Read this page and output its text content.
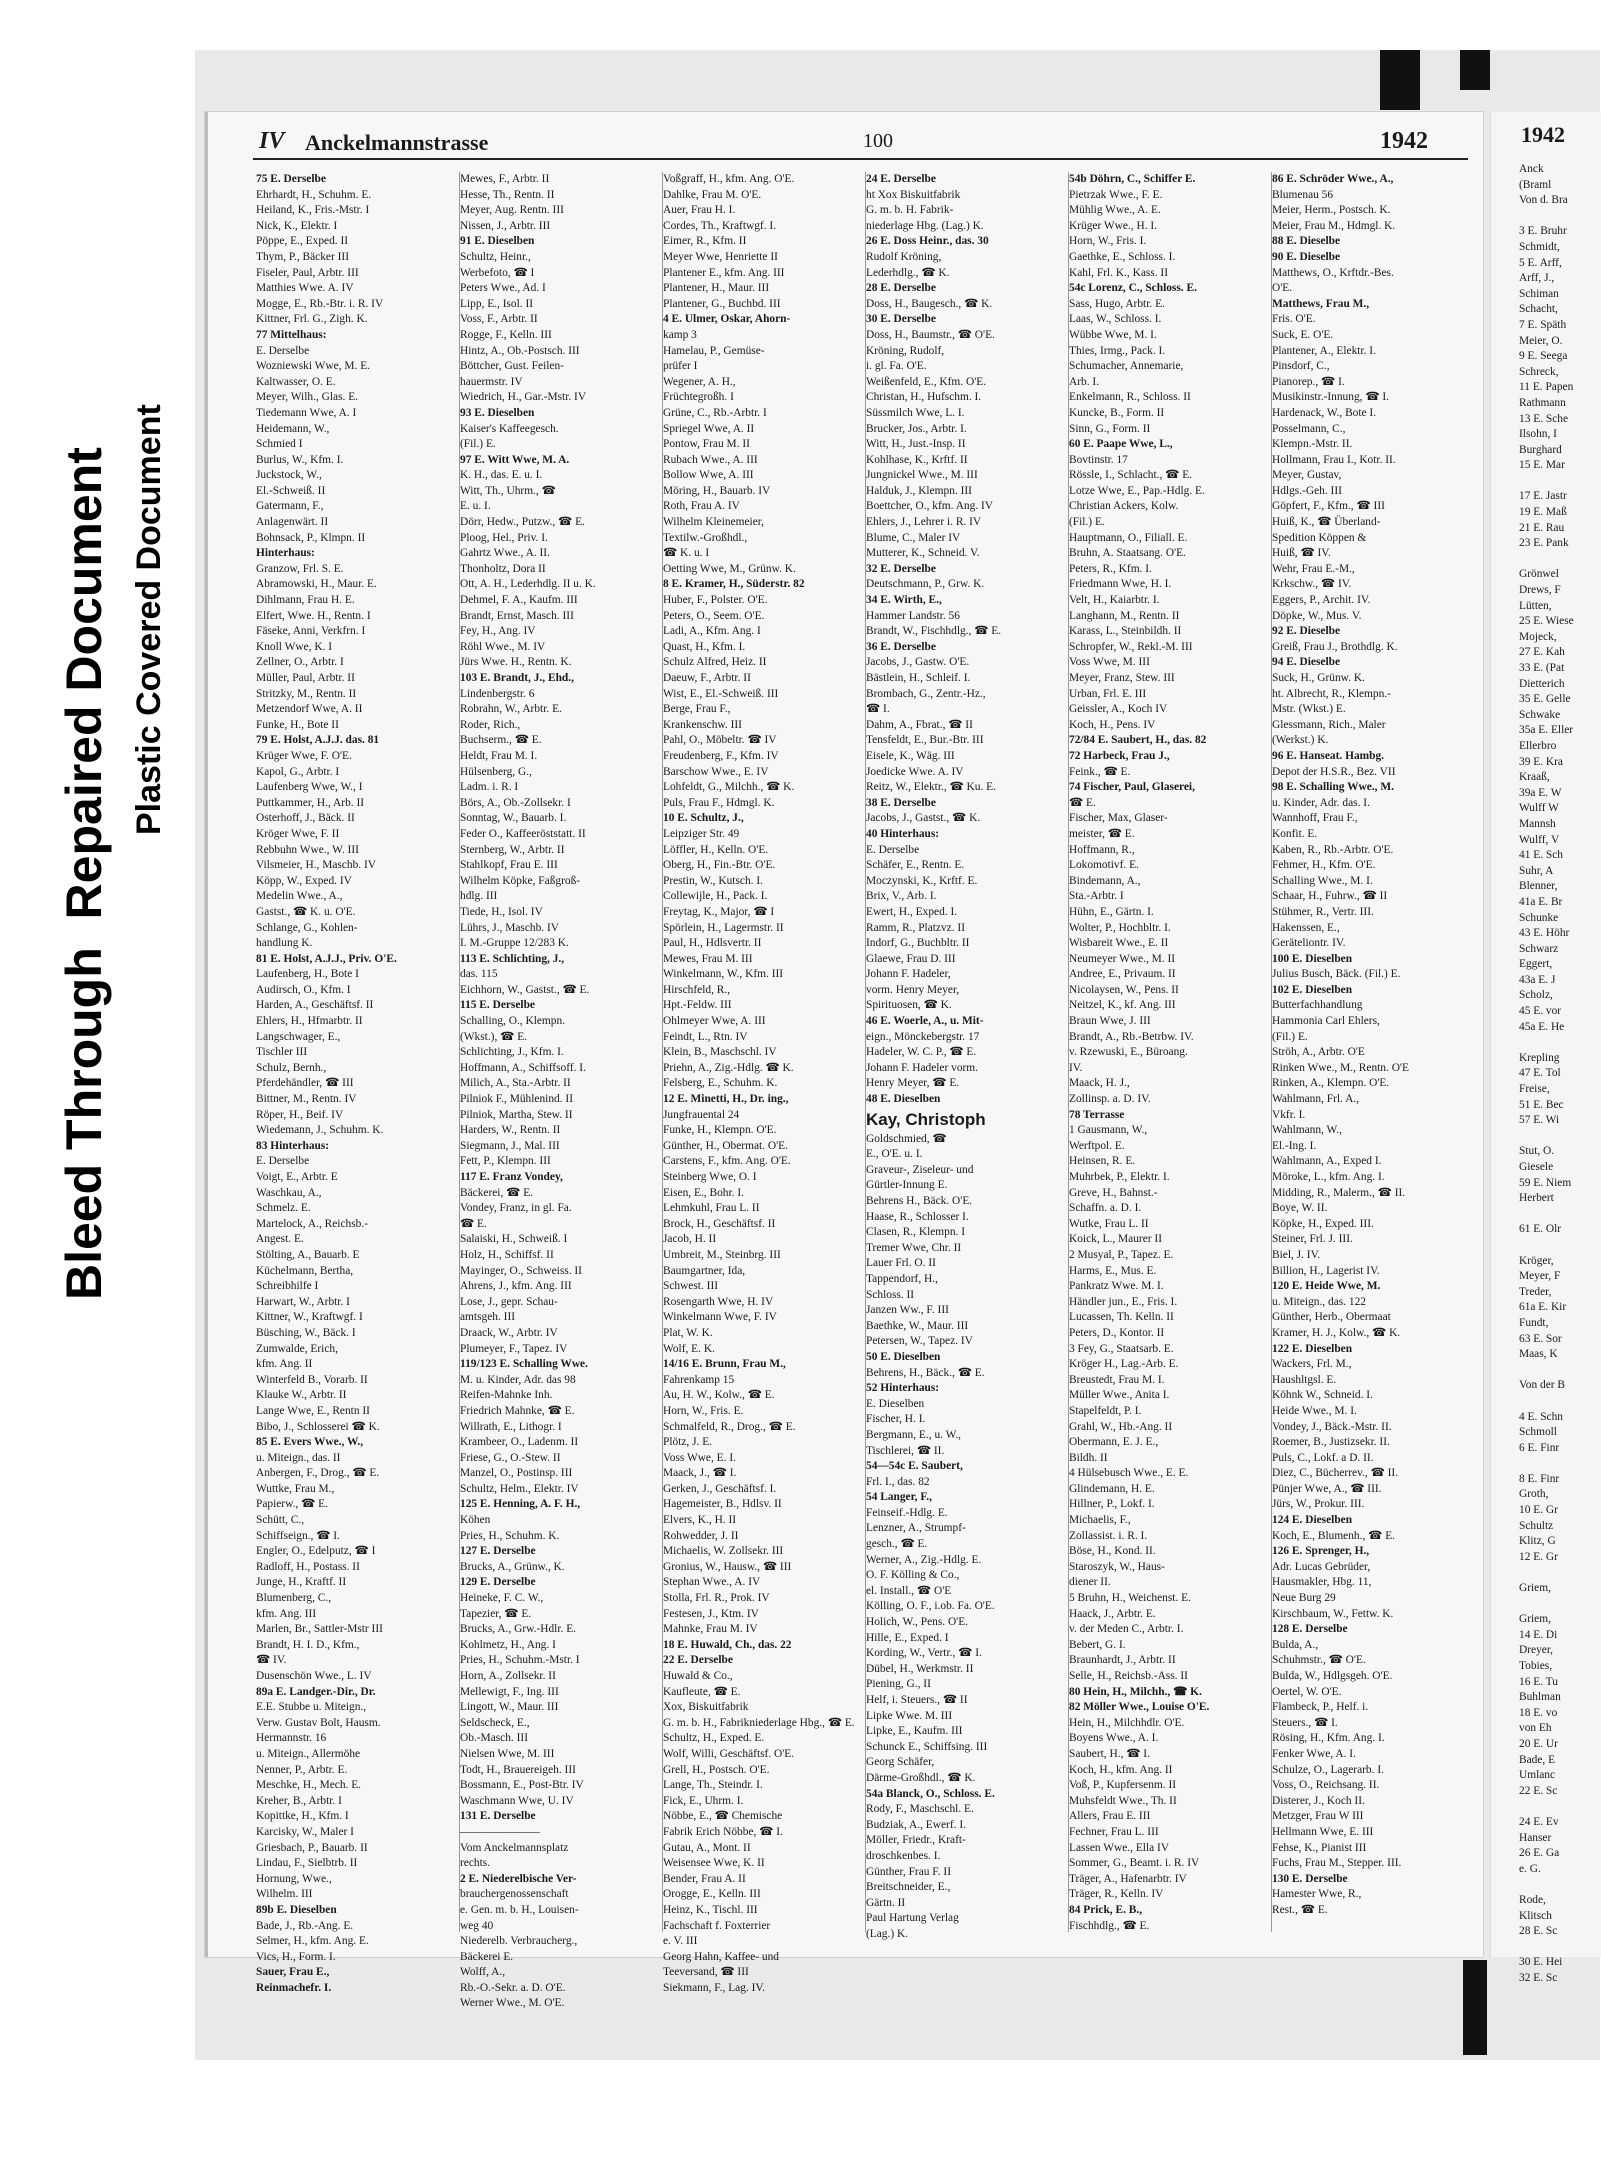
Bleed Through  Repaired Document Plastic Covered Document
IV Anckelmannstrasse	100	1942
75 E. Derselbe
Ehrhardt, H., Schuhm. E.
Heiland, K., Fris.-Mstr. I
Nick, K., Elektr. I
Pöppe, E., Exped. II
Thym, P., Bäcker III
Fiseler, Paul, Arbtr. III
Matthies Wwe. A. IV
Mogge, E., Rb.-Btr. i. R. IV
Kittner, Frl. G., Zigh. K.
77 Mittelhaus:
E. Derselbe
Wozniewski Wwe, M. E.
Kaltwasser, O. E.
Meyer, Wilh., Glas. E.
Tiedemann Wwe, A. I
Heidemann, W.,
Schmied I
Burlus, W., Kfm. I.
Juckstock, W.,
El.-Schweiß. II
Gatermann, F.,
Anlagenwärt. II
Bohnsack, P., Klmpn. II
Hinterhaus:
Granzow, Frl. S. E.
Abramowski, H., Maur. E.
Dihlmann, Frau H. E.
Elfert, Wwe. H., Rentn. I
Fäseke, Anni, Verkfrn. I
Knoll Wwe, K. I
Zellner, O., Arbtr. I
Müller, Paul, Arbtr. II
Stritzky, M., Rentn. II
Metzendorf Wwe, A. II
Funke, H., Bote II
79 E. Holst, A.J.J. das. 81
Krüger Wwe, F. O'E.
Kapol, G., Arbtr. I
Laufenberg Wwe, W., I
Puttkammer, H., Arb. II
Osterhoff, J., Bäck. II
Kröger Wwe, F. II
Rebbuhn Wwe., W. III
Vilsmeier, H., Maschb. IV
Köpp, W., Exped. IV
Medelin Wwe., A.,
Gastst., ☎ K. u. O'E.
Schlange, G., Kohlen-
handlung K.
81 E. Holst, A.J.J., Priv. O'E.
Laufenberg, H., Bote I
Audirsch, O., Kfm. I
Harden, A., Geschäftsf. II
Ehlers, H., Hfmarbtr. II
Langschwager, E.,
Tischler III
Schulz, Bernh.,
Pferdehändler, ☎ III
Bittner, M., Rentn. IV
Röper, H., Beif. IV
Wiedemann, J., Schuhm. K.
83 Hinterhaus:
E. Derselbe
Voigt, E., Arbtr. E
Waschkau, A.,
Schmelz. E.
Martelock, A., Reichsb.-
Angest. E.
Stölting, A., Bauarb. E
Küchelmann, Bertha,
Schreibhilfe I
Harwart, W., Arbtr. I
Kittner, W., Kraftwgf. I
Büsching, W., Bäck. I
Zumwalde, Erich,
kfm. Ang. II
Winterfeld B., Vorarb. II
Klauke W., Arbtr. II
Lange Wwe, E., Rentn II
Bibo, J., Schlosserei ☎ K.
85 E. Evers Wwe., W.,
u. Miteign., das. II
Anbergen, F., Drog., ☎ E.
Wuttke, Frau M.,
Papierw., ☎ E.
Schütt, C.,
Schiffseign., ☎ I.
Engler, O., Edelputz, ☎ I
Radloff, H., Postass. II
Junge, H., Kraftf. II
Blumenberg, C.,
kfm. Ang. III
Marlen, Br., Sattler-Mstr III
Brandt, H. I. D., Kfm.,
☎ IV.
Dusenschön Wwe., L. IV
89a E. Landger.-Dir., Dr.
E.E. Stubbe u. Miteign.,
Verw. Gustav Bolt, Hausm.
Hermannstr. 16
u. Miteign., Allermöhe
Nenner, P., Arbtr. E.
Meschke, H., Mech. E.
Kreher, B., Arbtr. I
Kopittke, H., Kfm. I
Karcisky, W., Maler I
Griesbach, P., Bauarb. II
Lindau, F., Sielbtrb. II
Hornung, Wwe.,
Wilhelm. III
89b E. Dieselben
Bade, J., Rb.-Ang. E.
Selmer, H., kfm. Ang. E.
Vics, H., Form. I.
Sauer, Frau E.,
Reinmachefr. I.
Mewes, F., Arbtr. II
Hesse, Th., Rentn. II
Meyer, Aug. Rentn. III
Nissen, J., Arbtr. III
91 E. Dieselben
Schultz, Heinr.,
Werbefoto, ☎ I
Peters Wwe., Ad. I
Lipp, E., Isol. II
Voss, F., Arbtr. II
Rogge, F., Kelln. III
Hintz, A., Ob.-Postsch. III
Böttcher, Gust. Feilen-
hauermstr. IV
Wiedrich, H., Gar.-Mstr. IV
93 E. Dieselben
Kaiser's Kaffeegesch.
(Fil.) E.
97 E. Witt Wwe, M. A.
K. H., das. E. u. I.
Witt, Th., Uhrm., ☎
E. u. I.
Dörr, Hedw., Putzw., ☎ E.
Ploog, Hel., Priv. I.
Gahrtz Wwe., A. II.
Thonholtz, Dora II
Ott, A. H., Lederhdlg. II u. K.
Dehmel, F. A., Kaufm. III
Brandt, Ernst, Masch. III
Fey, H., Ang. IV
Röhl Wwe., M. IV
Jürs Wwe. H., Rentn. K.
103 E. Brandt, J., Ehd.,
Lindenbergstr. 6
Robrahn, W., Arbtr. E.
Roder, Rich.,
Buchserm., ☎ E.
Heldt, Frau M. I.
Hülsenberg, G.,
Ladm. i. R. I
Börs, A., Ob.-Zollsekr. I
Sonntag, W., Bauarb. I.
Feder O., Kaffeeröststatt. II
Sternberg, W., Arbtr. II
Stahlkopf, Frau E. III
Wilhelm Köpke, Faßgroß-
hdlg. III
Tiede, H., Isol. IV
Lührs, J., Maschb. IV
I. M.-Gruppe 12/283 K.
113 E. Schlichting, J.,
das. 115
Eichhorn, W., Gastst., ☎ E.
115 E. Derselbe
Schalling, O., Klempn.
(Wkst.), ☎ E.
Schlichting, J., Kfm. I.
Hoffmann, A., Schiffsoff. I.
Milich, A., Sta.-Arbtr. II
Pilniok F., Mühlenind. II
Pilniok, Martha, Stew. II
Harders, W., Rentn. II
Siegmann, J., Mal. III
Fett, P., Klempn. III
117 E. Franz Vondey,
Bäckerei, ☎ E.
Vondey, Franz, in gl. Fa.
☎ E.
Salaiski, H., Schweiß. I
Holz, H., Schiffsf. II
Mayinger, O., Schweiss. II
Ahrens, J., kfm. Ang. III
Lose, J., gepr. Schau-
amtsgeh. III
Draack, W., Arbtr. IV
Plumeyer, F., Tapez. IV
119/123 E. Schalling Wwe.
M. u. Kinder, Adr. das 98
Reifen-Mahnke Inh.
Friedrich Mahnke, ☎ E.
Willrath, E., Lithogr. I
Krambeer, O., Ladenm. II
Friese, G., O.-Stew. II
Manzel, O., Postinsp. III
Schultz, Helm., Elektr. IV
125 E. Henning, A. F. H.,
Köhen
Pries, H., Schuhm. K.
127 E. Derselbe
Brucks, A., Grünw., K.
129 E. Derselbe
Heineke, F. C. W.,
Tapezier, ☎ E.
Brucks, A., Grw.-Hdlr. E.
Kohlmetz, H., Ang. I
Pries, H., Schuhm.-Mstr. I
Horn, A., Zollsekr. II
Mellewigt, F., Ing. III
Lingott, W., Maur. III
Seldscheck, E.,
Ob.-Masch. III
Nielsen Wwe, M. III
Todt, H., Brauereigeh. III
Bossmann, E., Post-Btr. IV
Waschmann Wwe, U. IV
131 E. Derselbe
———————
Vom Anckelmannsplatz
rechts.
2 E. Niederelbische Ver-
brauchergenossenschaft
e. Gen. m. b. H., Louisen-
weg 40
Niederelb. Verbraucherg.,
Bäckerei E.
Wolff, A.,
Rb.-O.-Sekr. a. D. O'E.
Werner Wwe., M. O'E.
Voßgraff, H., kfm. Ang. O'E.
Dahlke, Frau M. O'E.
Auer, Frau H. I.
Cordes, Th., Kraftwgf. I.
Eimer, R., Kfm. II
Meyer Wwe, Henriette II
Plantener E., kfm. Ang. III
Plantener, H., Maur. III
Plantener, G., Buchbd. III
4 E. Ulmer, Oskar, Ahorn-
kamp 3
Hamelau, P., Gemüse-
prüfer I
Wegener, A. H.,
Früchtegroßh. I
Grüne, C., Rb.-Arbtr. I
Spriegel Wwe, A. II
Pontow, Frau M. II
Rubach Wwe., A. III
Bollow Wwe, A. III
Möring, H., Bauarb. IV
Roth, Frau A. IV
Wilhelm Kleinemeier,
Textilw.-Großhdl.,
☎ K. u. I
Oetting Wwe, M., Grünw. K.
8 E. Kramer, H., Süderstr. 82
Huber, F., Polster. O'E.
Peters, O., Seem. O'E.
Ladi, A., Kfm. Ang. I
Quast, H., Kfm. I.
Schulz Alfred, Heiz. II
Daeuw, F., Arbtr. II
Wist, E., El.-Schweiß. III
Berge, Frau F.,
Krankenschw. III
Pahl, O., Möbeltr. ☎ IV
Freudenberg, F., Kfm. IV
Barschow Wwe., E. IV
Lohfeldt, G., Milchh., ☎ K.
Puls, Frau F., Hdmgl. K.
10 E. Schultz, J.,
Leipziger Str. 49
Löffler, H., Kelln. O'E.
Oberg, H., Fin.-Btr. O'E.
Prestin, W., Kutsch. I.
Collewijle, H., Pack. I.
Freytag, K., Major, ☎ I
Spörlein, H., Lagermstr. II
Paul, H., Hdlsvertr. II
Mewes, Frau M. III
Winkelmann, W., Kfm. III
Hirschfeld, R.,
Hpt.-Feldw. III
Ohlmeyer Wwe, A. III
Feindt, L., Rtn. IV
Klein, B., Maschschl. IV
Priehn, A., Zig.-Hdlg. ☎ K.
Felsberg, E., Schuhm. K.
12 E. Minetti, H., Dr. ing.,
Jungfrauental 24
Funke, H., Klempn. O'E.
Günther, H., Obermat. O'E.
Carstens, F., kfm. Ang. O'E.
Steinberg Wwe, O. I
Eisen, E., Bohr. I.
Lehmkuhl, Frau L. II
Brock, H., Geschäftsf. II
Jacob, H. II
Umbreit, M., Steinbrg. III
Baumgartner, Ida,
Schwest. III
Rosengarth Wwe, H. IV
Winkelmann Wwe, F. IV
Plat, W. K.
Wolf, E. K.
14/16 E. Brunn, Frau M.,
Fahrenkamp 15
Au, H. W., Kolw., ☎ E.
Horn, W., Fris. E.
Schmalfeld, R., Drog., ☎ E.
Plötz, J. E.
Voss Wwe, E. I.
Maack, J., ☎ I.
Gerken, J., Geschäftsf. I.
Hagemeister, B., Hdlsv. II
Elvers, K., H. II
Rohwedder, J. II
Michaelis, W. Zollsekr. III
Gronius, W., Hausw., ☎ III
Stephan Wwe., A. IV
Stolla, Frl. R., Prok. IV
Festesen, J., Ktm. IV
Mahnke, Frau M. IV
18 E. Huwald, Ch., das. 22
22 E. Derselbe
Huwald & Co.,
Kaufleute, ☎ E.
Xox, Biskuitfabrik
G. m. b. H., Fabrikniederlage Hbg., ☎ E.
Schultz, H., Exped. E.
Wolf, Willi, Geschäftsf. O'E.
Grell, H., Postsch. O'E.
Lange, Th., Steindr. I.
Fick, E., Uhrm. I.
Nöbbe, E., ☎ Chemische
Fabrik Erich Nöbbe, ☎ I.
Gutau, A., Mont. II
Weisensee Wwe, K. II
Bender, Frau A. II
Orogge, E., Kelln. III
Heinz, K., Tischl. III
Fachschaft f. Foxterrier
e. V. III
Georg Hahn, Kaffee- und
Teeversand, ☎ III
Siekmann, F., Lag. IV.
24 E. Derselbe
ht Xox Biskuitfabrik
G. m. b. H. Fabrik-
niederlage Hbg. (Lag.) K.
26 E. Doss Heinr., das. 30
Rudolf Kröning,
Lederhdlg., ☎ K.
28 E. Derselbe
Doss, H., Baugesch., ☎ K.
30 E. Derselbe
Doss, H., Baumstr., ☎ O'E.
Kröning, Rudolf,
i. gl. Fa. O'E.
Weißenfeld, E., Kfm. O'E.
Christan, H., Hufschm. I.
Süssmilch Wwe, L. I.
Brucker, Jos., Arbtr. I.
Witt, H., Just.-Insp. II
Kohlhase, K., Krftf. II
Jungnickel Wwe., M. III
Halduk, J., Klempn. III
Boettcher, O., kfm. Ang. IV
Ehlers, J., Lehrer i. R. IV
Blume, C., Maler IV
Mutterer, K., Schneid. V.
32 E. Derselbe
Deutschmann, P., Grw. K.
34 E. Wirth, E.,
Hammer Landstr. 56
Brandt, W., Fischhdlg., ☎ E.
36 E. Derselbe
Jacobs, J., Gastw. O'E.
Bästlein, H., Schleif. I.
Brombach, G., Zentr.-Hz.,
☎ I.
Dahm, A., Fbrat., ☎ II
Tensfeldt, E., Bur.-Btr. III
Eisele, K., Wäg. III
Joedicke Wwe. A. IV
Reitz, W., Elektr., ☎ Ku. E.
38 E. Derselbe
Jacobs, J., Gastst., ☎ K.
40 Hinterhaus:
E. Derselbe
Schäfer, E., Rentn. E.
Moczynski, K., Krftf. E.
Brix, V., Arb. I.
Ewert, H., Exped. I.
Ramm, R., Platzvz. II
Indorf, G., Buchbltr. II
Glaewe, Frau D. III
Johann F. Hadeler,
vorm. Henry Meyer,
Spirituosen, ☎ K.
46 E. Woerle, A., u. Mit-
eign., Mönckebergstr. 17
Hadeler, W. C. P., ☎ E.
Johann F. Hadeler vorm.
Henry Meyer, ☎ E.
48 E. Dieselben
Kay, Christoph
Goldschmied, ☎
E., O'E. u. I.
Graveur-, Ziseleur- und
Gürtler-Innung E.
Behrens H., Bäck. O'E.
Haase, R., Schlosser I.
Clasen, R., Klempn. I
Tremer Wwe, Chr. II
Lauer Frl. O. II
Tappendorf, H.,
Schloss. II
Janzen Ww., F. III
Baethke, W., Maur. III
Petersen, W., Tapez. IV
50 E. Dieselben
Behrens, H., Bäck., ☎ E.
52 Hinterhaus:
E. Dieselben
Fischer, H. I.
Bergmann, E., u. W.,
Tischlerei, ☎ II.
54—54c E. Saubert,
Frl. I., das. 82
54 Langer, F.,
Feinseif.-Hdlg. E.
Lenzner, A., Strumpf-
gesch., ☎ E.
Werner, A., Zig.-Hdlg. E.
O. F. Kölling & Co.,
el. Install., ☎ O'E
Kölling, O. F., i.ob. Fa. O'E.
Holich, W., Pens. O'E.
Hille, E., Exped. I
Kording, W., Vertr., ☎ I.
Dübel, H., Werkmstr. II
Piening, G., II
Helf, i. Steuers., ☎ II
Lipke Wwe. M. III
Lipke, E., Kaufm. III
Schunck E., Schiffsing. III
Georg Schäfer,
Därme-Großhdl., ☎ K.
54a Blanck, O., Schloss. E.
Rody, F., Maschschl. E.
Budziak, A., Ewerf. I.
Möller, Friedr., Kraft-
droschkenbes. I.
Günther, Frau F. II
Breitschneider, E.,
Gärtn. II
Paul Hartung Verlag
(Lag.) K.
54b Döhrn, C., Schiffer E.
Pietrzak Wwe., F. E.
Mühlig Wwe., A. E.
Krüger Wwe., H. I.
Horn, W., Fris. I.
Gaethke, E., Schloss. I.
Kahl, Frl. K., Kass. II
54c Lorenz, C., Schloss. E.
Sass, Hugo, Arbtr. E.
Laas, W., Schloss. I.
Wübbe Wwe, M. I.
Thies, Irmg., Pack. I.
Schumacher, Annemarie,
Arb. I.
Enkelmann, R., Schloss. II
Kuncke, B., Form. II
Sinn, G., Form. II
60 E. Paape Wwe, L.,
Bovtinstr. 17
Rössle, I., Schlacht., ☎ E.
Lotze Wwe, E., Pap.-Hdlg. E.
Christian Ackers, Kolw.
(Fil.) E.
Hauptmann, O., Filiall. E.
Bruhn, A. Staatsang. O'E.
Peters, R., Kfm. I.
Friedmann Wwe, H. I.
Velt, H., Kaiarbtr. I.
Langhann, M., Rentn. II
Karass, L., Steinbildh. II
Schropfer, W., Rekl.-M. III
Voss Wwe, M. III
Meyer, Franz, Stew. III
Urban, Frl. E. III
Geissler, A., Koch IV
Koch, H., Pens. IV
72/84 E. Saubert, H., das. 82
72 Harbeck, Frau J.,
Feink., ☎ E.
74 Fischer, Paul, Glaserei,
☎ E.
Fischer, Max, Glaser-
meister, ☎ E.
Hoffmann, R.,
Lokomotivf. E.
Bindemann, A.,
Sta.-Arbtr. I
Hühn, E., Gärtn. I.
Wolter, P., Hochbltr. I.
Wisbareit Wwe., E. II
Neumeyer Wwe., M. II
Andree, E., Privaum. II
Nicolaysen, W., Pens. II
Neitzel, K., kf. Ang. III
Braun Wwe, J. III
Brandt, A., Rb.-Betrbw. IV.
v. Rzewuski, E., Büroang.
IV.
Maack, H. J.,
Zollinsp. a. D. IV.
78 Terrasse
1 Gausmann, W.,
Werftpol. E.
Heinsen, R. E.
Muhrbek, P., Elektr. I.
Greve, H., Bahnst.-
Schaffn. a. D. I.
Wutke, Frau L. II
Koick, L., Maurer II
2 Musyal, P., Tapez. E.
Harms, E., Mus. E.
Pankratz Wwe. M. I.
Händler jun., E., Fris. I.
Lucassen, Th. Kelln. II
Peters, D., Kontor. II
3 Fey, G., Staatsarb. E.
Kröger H., Lag.-Arb. E.
Breustedt, Frau M. I.
Müller Wwe., Anita I.
Stapelfeldt, P. I.
Grahl, W., Hb.-Ang. II
Obermann, E. J. E.,
Bildh. II
4 Hülsebusch Wwe., E. E.
Glindemann, H. E.
Hillner, P., Lokf. I.
Michaelis, F.,
Zollassist. i. R. I.
Böse, H., Kond. II.
Staroszyk, W., Haus-
diener II.
5 Bruhn, H., Weichenst. E.
Haack, J., Arbtr. E.
v. der Meden C., Arbtr. I.
Bebert, G. I.
Braunhardt, J., Arbtr. II
Selle, H., Reichsb.-Ass. II
80 Hein, H., Milchh., ☎ K.
82 Möller Wwe., Louise O'E.
Hein, H., Milchhdlr. O'E.
Boyens Wwe., A. I.
Saubert, H., ☎ I.
Koch, H., kfm. Ang. II
Voß, P., Kupfersenm. II
Muhsfeldt Wwe., Th. II
Allers, Frau E. III
Fechner, Frau L. III
Lassen Wwe., Ella IV
Sommer, G., Beamt. i. R. IV
Träger, A., Hafenarbtr. IV
Träger, R., Kelln. IV
84 Prick, E. B.,
Fischhdlg., ☎ E.
86 E. Schröder Wwe., A.,
Blumenau 56
Meier, Herm., Postsch. K.
Meier, Frau M., Hdmgl. K.
88 E. Dieselbe
90 E. Dieselbe
Matthews, O., Krftdr.-Bes.
O'E.
Matthews, Frau M.,
Fris. O'E.
Suck, E. O'E.
Plantener, A., Elektr. I.
Pinsdorf, C.,
Pianorep., ☎ I.
Musikinstr.-Innung, ☎ I.
Hardenack, W., Bote I.
Posselmann, C.,
Klempn.-Mstr. II.
Hollmann, Frau I., Kotr. II.
Meyer, Gustav,
Hdlgs.-Geh. III
Göpfert, F., Kfm., ☎ III
Huiß, K., ☎ Überland-
Spedition Köppen &
Huiß, ☎ IV.
Wehr, Frau E.-M.,
Krkschw., ☎ IV.
Eggers, P., Archit. IV.
Döpke, W., Mus. V.
92 E. Dieselbe
Greiß, Frau J., Brothdlg. K.
94 E. Dieselbe
Suck, H., Grünw. K.
ht. Albrecht, R., Klempn.-
Mstr. (Wkst.) E.
Glessmann, Rich., Maler
(Werkst.) K.
96 E. Hanseat. Hambg.
Depot der H.S.R., Bez. VII
98 E. Schalling Wwe., M.
u. Kinder, Adr. das. I.
Wannhoff, Frau F.,
Konfit. E.
Kaben, R., Rb.-Arbtr. O'E.
Fehmer, H., Kfm. O'E.
Schalling Wwe., M. I.
Schaar, H., Fuhrw., ☎ II
Stühmer, R., Vertr. III.
Hakenssen, E.,
Geräteliontr. IV.
100 E. Dieselben
Julius Busch, Bäck. (Fil.) E.
102 E. Dieselben
Butterfachhandlung
Hammonia Carl Ehlers,
(Fil.) E.
Ströh, A., Arbtr. O'E
Rinken Wwe., M., Rentn. O'E
Rinken, A., Klempn. O'E.
Wahlmann, Frl. A.,
Vkfr. I.
Wahlmann, W.,
El.-Ing. I.
Wahlmann, A., Exped I.
Möroke, L., kfm. Ang. I.
Midding, R., Malerm., ☎ II.
Boye, W. II.
Köpke, H., Exped. III.
Steiner, Frl. J. III.
Biel, J. IV.
Billion, H., Lagerist IV.
120 E. Heide Wwe, M.
u. Miteign., das. 122
Günther, Herb., Obermaat
Kramer, H. J., Kolw., ☎ K.
122 E. Dieselben
Wackers, Frl. M.,
Haushltgsl. E.
Köhnk W., Schneid. I.
Heide Wwe., M. I.
Vondey, J., Bäck.-Mstr. II.
Roemer, B., Justizsekr. II.
Puls, C., Lokf. a D. II.
Diez, C., Bücherrev., ☎ II.
Pünjer Wwe, A., ☎ III.
Jürs, W., Prokur. III.
124 E. Dieselben
Koch, E., Blumenh., ☎ E.
126 E. Sprenger, H.,
Adr. Lucas Gebrüder,
Hausmakler, Hbg. 11,
Neue Burg 29
Kirschbaum, W., Fettw. K.
128 E. Derselbe
Bulda, A.,
Schuhmstr., ☎ O'E.
Bulda, W., Hdlgsgeh. O'E.
Oertel, W. O'E.
Flambeck, P., Helf. i.
Steuers., ☎ I.
Rösing, H., Kfm. Ang. I.
Fenker Wwe, A. I.
Schulze, O., Lagerarb. I.
Voss, O., Reichsang. II.
Disterer, J., Koch II.
Metzger, Frau W III
Hellmann Wwe, E. III
Fehse, K., Pianist III
Fuchs, Frau M., Stepper. III.
130 E. Derselbe
Hamester Wwe, R.,
Rest., ☎ E.
1942
Anck
(Braml
Von d. Bra

3 E. Bruhr
Schmidt,
5 E. Arff,
Arff, J.,
Schiman
Schacht,
7 E. Späth
Meier, O.
9 E. Seega
Schreck,
11 E. Papen
Rathmann
13 E. Sche
Ilsohn, I
Burghard
15 E. Mar

17 E. Jastr
19 E. Maß
21 E. Rau
23 E. Pank

Grönwel
Drews, F
Lütten,
25 E. Wiese
Mojeck,
27 E. Kah
33 E. (Pat
Dietterich
35 E. Gelle
Schwake
35a E. Eller
Ellerbro
39 E. Kra
Kraaß,
39a E. W
Wulff W
Mannsh
Wulff, V
41 E. Sch
Suhr, A
Blenner,
41a E. Br
Schunke
43 E. Höhr
Schwarz
Eggert,
43a E. J
Scholz,
45 E. vor
45a E. He

Krepling
47 E. Tol
Freise,
51 E. Bec
57 E. Wi

Stut, O.
Giesele
59 E. Niem
Herbert

61 E. Olr

Kröger,
Meyer, F
Treder,
61a E. Kir
Fundt,
63 E. Sor
Maas, K

Von der B

4 E. Schn
Schmoll
6 E. Finr

8 E. Finr
Groth,
10 E. Gr
Schultz
Klitz, G
12 E. Gr

Griem,

Griem,
14 E. Di
Dreyer,
Tobies,
16 E. Tu
Buhlman
18 E. vo
von Eh
20 E. Ur
Bade, E
Umlanc
22 E. Sc

24 E. Ev
Hanser
26 E. Ga
e. G.

Rode,
Klitsch
28 E. Sc

30 E. Hei
32 E. Sc
